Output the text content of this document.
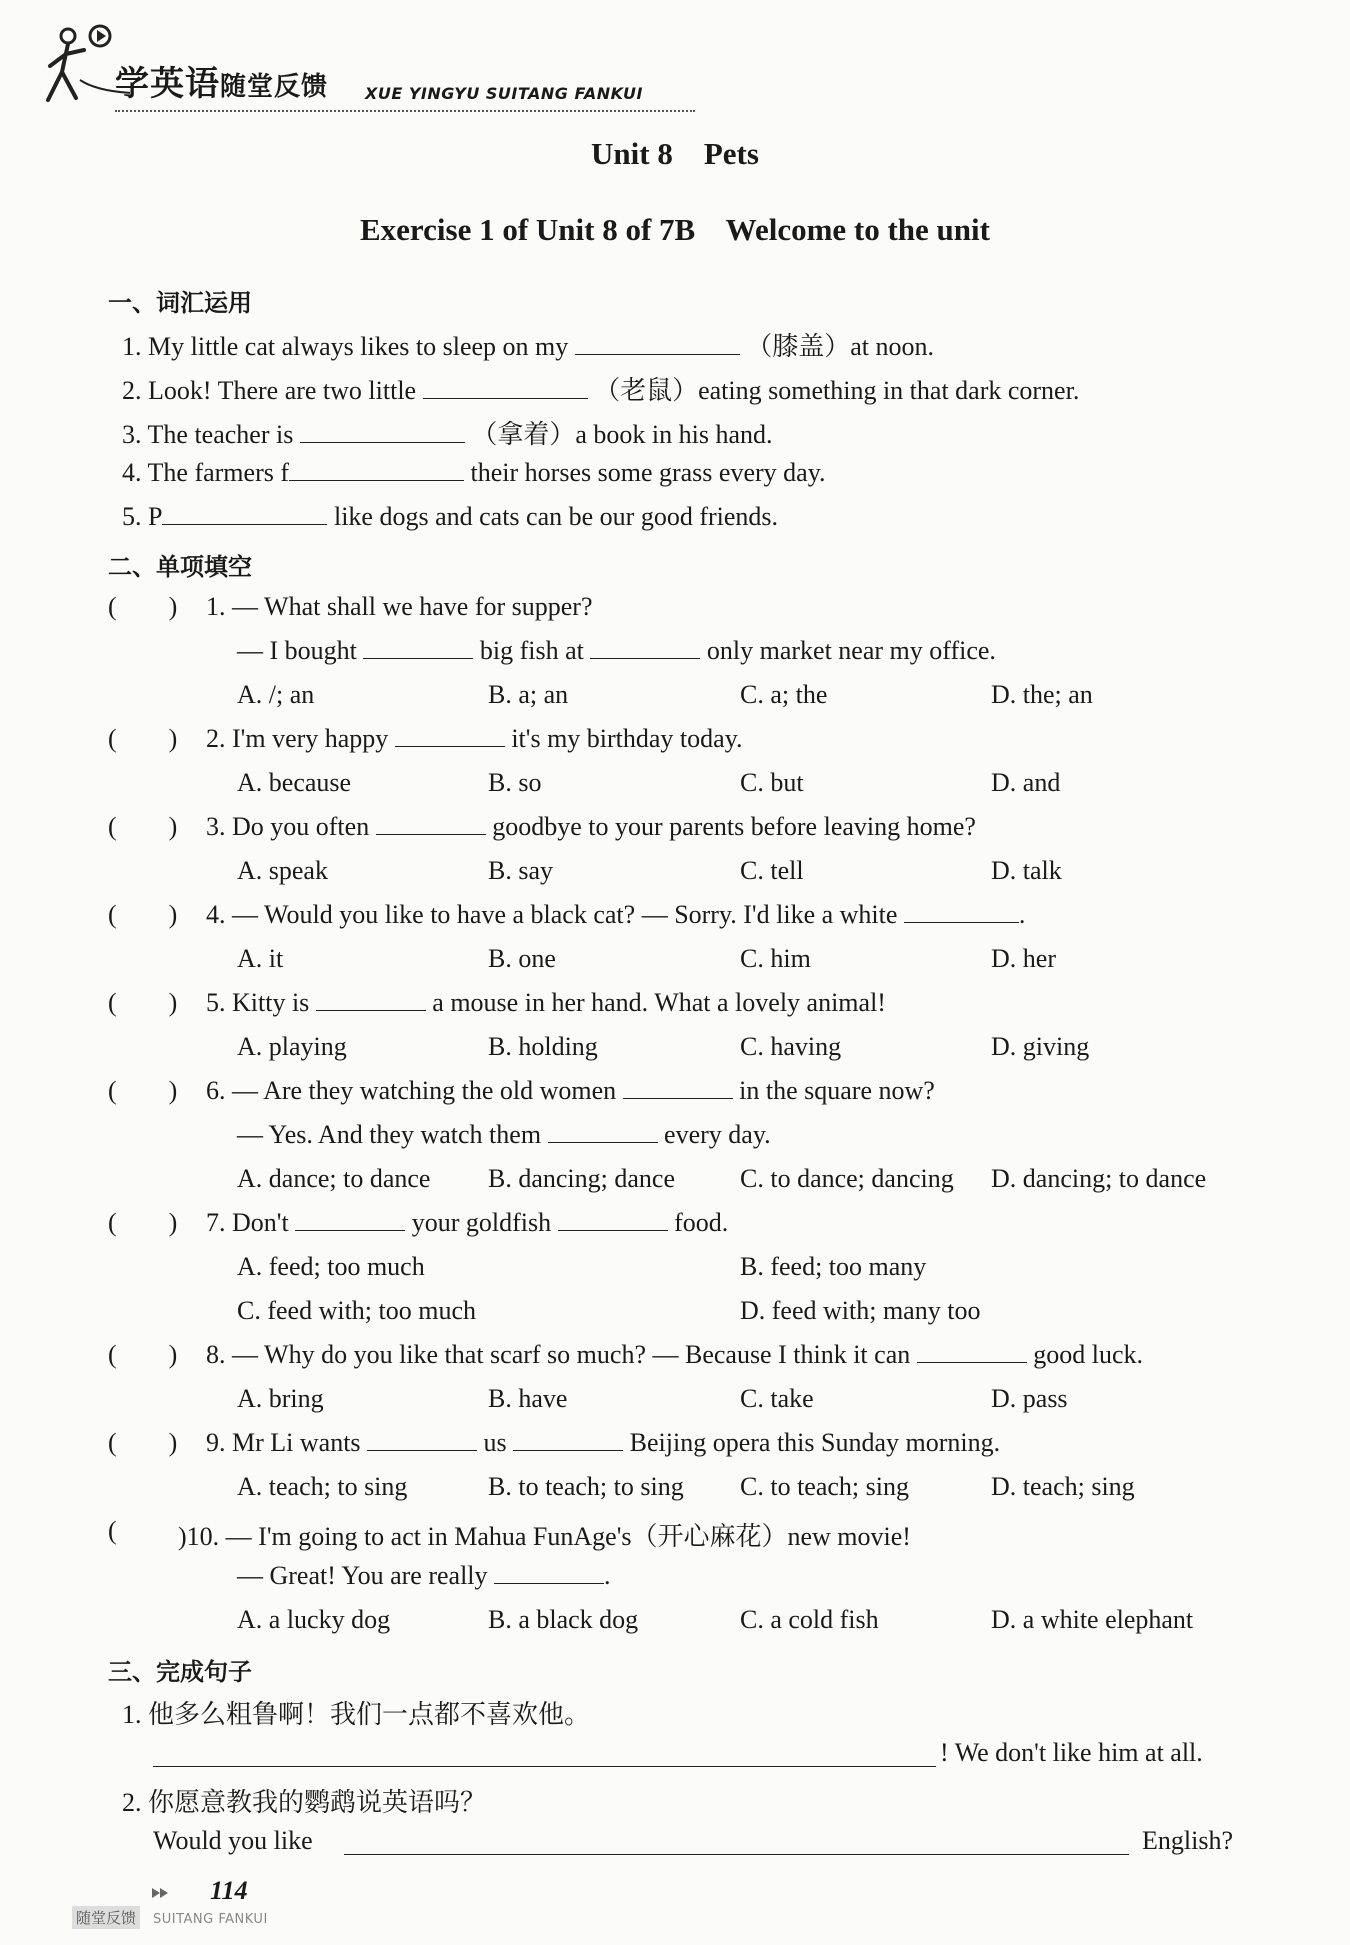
学英语随堂反馈 XUE YINGYU SUITANG FANKUI
Unit 8    Pets
Exercise 1 of Unit 8 of 7B    Welcome to the unit
一、词汇运用
1. My little cat always likes to sleep on my	（膝盖）at noon.
2. Look! There are two little	（老鼠）eating something in that dark corner.
3. The teacher is	（拿着）a book in his hand.
4. The farmers f	their horses some grass every day.
5. P	like dogs and cats can be our good friends.
二、单项填空
(        ) 1. — What shall we have for supper?
— I bought	big fish at	only market near my office.
A. /; an	B. a; an	C. a; the	D. the; an
(        ) 2. I'm very happy	it's my birthday today.
A. because	B. so	C. but	D. and
(        ) 3. Do you often	goodbye to your parents before leaving home?
A. speak	B. say	C. tell	D. talk
(        ) 4. — Would you like to have a black cat? — Sorry. I'd like a white	.
A. it	B. one	C. him	D. her
(        ) 5. Kitty is	a mouse in her hand. What a lovely animal!
A. playing	B. holding	C. having	D. giving
(        ) 6. — Are they watching the old women	in the square now?
— Yes. And they watch them	every day.
A. dance; to dance B. dancing; dance	C. to dance; dancing D. dancing; to dance
(        ) 7. Don't	your goldfish	food.
A. feed; too much	B. feed; too many
C. feed with; too much	D. feed with; many too
(        ) 8. — Why do you like that scarf so much? — Because I think it can	good luck.
A. bring	B. have	C. take	D. pass
(        ) 9. Mr Li wants	us	Beijing opera this Sunday morning.
A. teach; to sing	B. to teach; to sing C. to teach; sing	D. teach; sing
( )10. — I'm going to act in Mahua FunAge's（开心麻花）new movie!
— Great! You are really	.
A. a lucky dog	B. a black dog	C. a cold fish	D. a white elephant
三、完成句子
1. 他多么粗鲁啊！我们一点都不喜欢他。
! We don't like him at all.
2. 你愿意教我的鹦鹉说英语吗？
Would you like	English?
114
随堂反馈	SUITANG FANKUI
